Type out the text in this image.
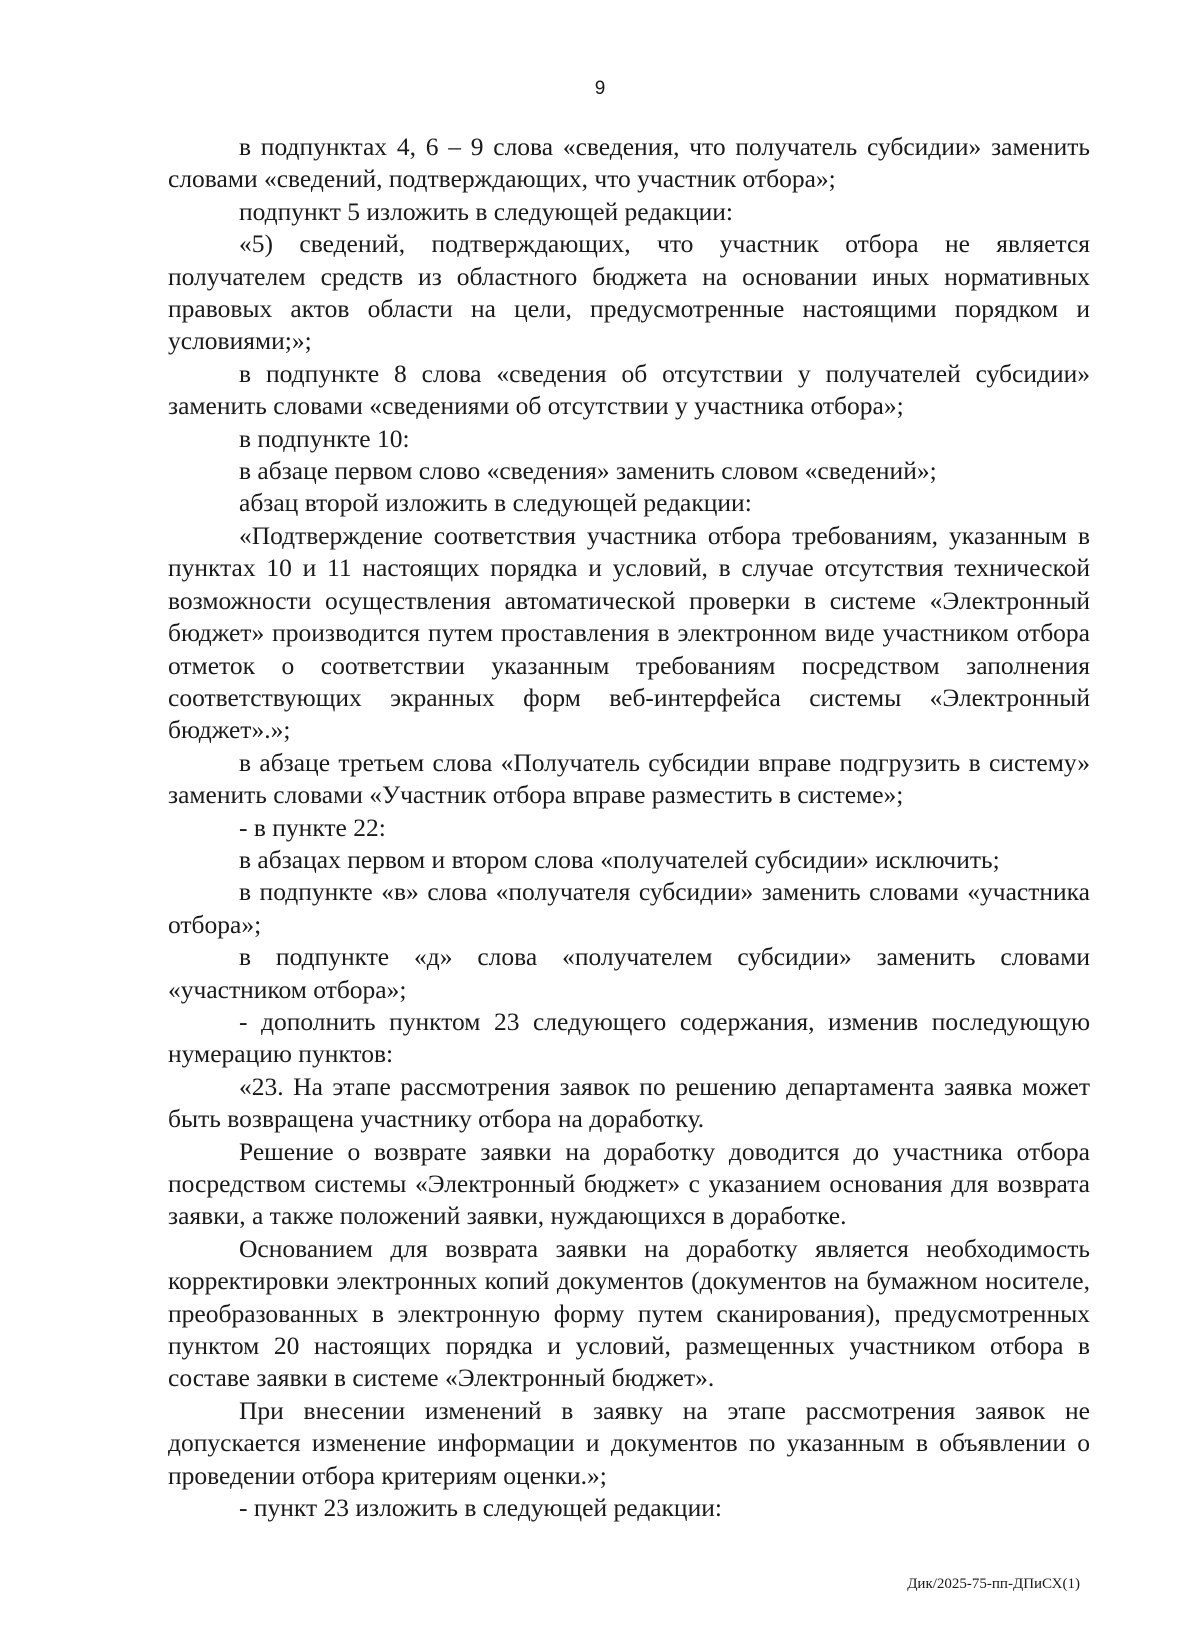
9

в подпунктах 4, 6 – 9 слова «сведения, что получатель субсидии» заменить словами «сведений, подтверждающих, что участник отбора»;

подпункт 5 изложить в следующей редакции:

«5) сведений, подтверждающих, что участник отбора не является получателем средств из областного бюджета на основании иных нормативных правовых актов области на цели, предусмотренные настоящими порядком и условиями;»;

в подпункте 8 слова «сведения об отсутствии у получателей субсидии» заменить словами «сведениями об отсутствии у участника отбора»;

в подпункте 10:

в абзаце первом слово «сведения» заменить словом «сведений»;

абзац второй изложить в следующей редакции:

«Подтверждение соответствия участника отбора требованиям, указанным в пунктах 10 и 11 настоящих порядка и условий, в случае отсутствия технической возможности осуществления автоматической проверки в системе «Электронный бюджет» производится путем проставления в электронном виде участником отбора отметок о соответствии указанным требованиям посредством заполнения соответствующих экранных форм веб-интерфейса системы «Электронный бюджет».»;

в абзаце третьем слова «Получатель субсидии вправе подгрузить в систему» заменить словами «Участник отбора вправе разместить в системе»;

- в пункте 22:

в абзацах первом и втором слова «получателей субсидии» исключить;

в подпункте «в» слова «получателя субсидии» заменить словами «участника отбора»;

в подпункте «д» слова «получателем субсидии» заменить словами «участником отбора»;

- дополнить пунктом 23 следующего содержания, изменив последующую нумерацию пунктов:

«23. На этапе рассмотрения заявок по решению департамента заявка может быть возвращена участнику отбора на доработку.

Решение о возврате заявки на доработку доводится до участника отбора посредством системы «Электронный бюджет» с указанием основания для возврата заявки, а также положений заявки, нуждающихся в доработке.

Основанием для возврата заявки на доработку является необходимость корректировки электронных копий документов (документов на бумажном носителе, преобразованных в электронную форму путем сканирования), предусмотренных пунктом 20 настоящих порядка и условий, размещенных участником отбора в составе заявки в системе «Электронный бюджет».

При внесении изменений в заявку на этапе рассмотрения заявок не допускается изменение информации и документов по указанным в объявлении о проведении отбора критериям оценки.»;

- пункт 23 изложить в следующей редакции:

Дик/2025-75-пп-ДПиСХ(1)
